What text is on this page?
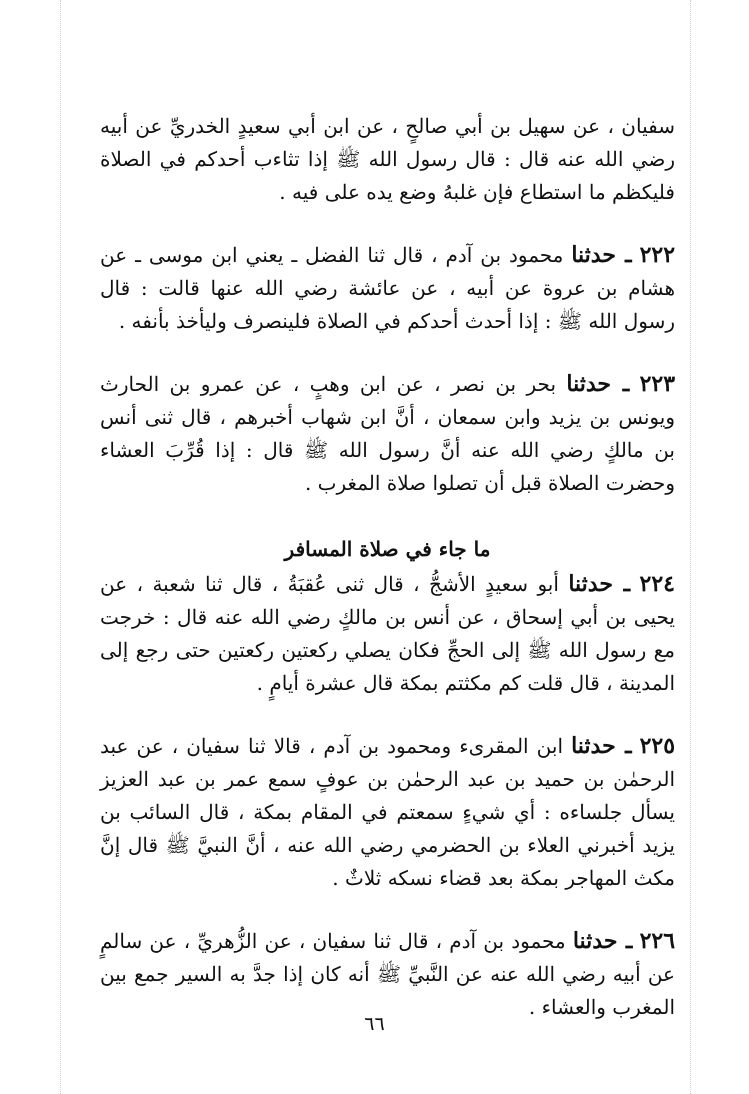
سفيان ، عن سهيل بن أبي صالحٍ ، عن ابن أبي سعيدٍ الخدريِّ عن أبيه رضي الله عنه قال : قال رسول الله ﷺ إذا تثاءب أحدكم في الصلاة فليكظم ما استطاع فإن غلبهُ وضع يده على فيه .

٢٢٢ ـ حدثنا محمود بن آدم ، قال ثنا الفضل ـ يعني ابن موسى ـ عن هشام بن عروة عن أبيه ، عن عائشة رضي الله عنها قالت : قال رسول الله ﷺ : إذا أحدث أحدكم في الصلاة فلينصرف وليأخذ بأنفه .

٢٢٣ ـ حدثنا بحر بن نصر ، عن ابن وهبٍ ، عن عمرو بن الحارث ويونس بن يزيد وابن سمعان ، أنَّ ابن شهاب أخبرهم ، قال ثنى أنس بن مالكٍ رضي الله عنه أنَّ رسول الله ﷺ قال : إذا قُرِّبَ العشاء وحضرت الصلاة قبل أن تصلوا صلاة المغرب .

ما جاء في صلاة المسافر

٢٢٤ ـ حدثنا أبو سعيدٍ الأشجُّ ، قال ثنى عُقبَةُ ، قال ثنا شعبة ، عن يحيى بن أبي إسحاق ، عن أنس بن مالكٍ رضي الله عنه قال : خرجت مع رسول الله ﷺ إلى الحجِّ فكان يصلي ركعتين ركعتين حتى رجع إلى المدينة ، قال قلت كم مكثتم بمكة قال عشرة أيامٍ .

٢٢٥ ـ حدثنا ابن المقرىء ومحمود بن آدم ، قالا ثنا سفيان ، عن عبد الرحمٰن بن حميد بن عبد الرحمٰن بن عوفٍ سمع عمر بن عبد العزيز يسأل جلساءه : أي شيءٍ سمعتم في المقام بمكة ، قال السائب بن يزيد أخبرني العلاء بن الحضرمي رضي الله عنه ، أنَّ النبيَّ ﷺ قال إنَّ مكث المهاجر بمكة بعد قضاء نسكه ثلاثٌ .

٢٢٦ ـ حدثنا محمود بن آدم ، قال ثنا سفيان ، عن الزُّهريِّ ، عن سالمٍ عن أبيه رضي الله عنه عن النَّبيِّ ﷺ أنه كان إذا جدَّ به السير جمع بين المغرب والعشاء .

٦٦
